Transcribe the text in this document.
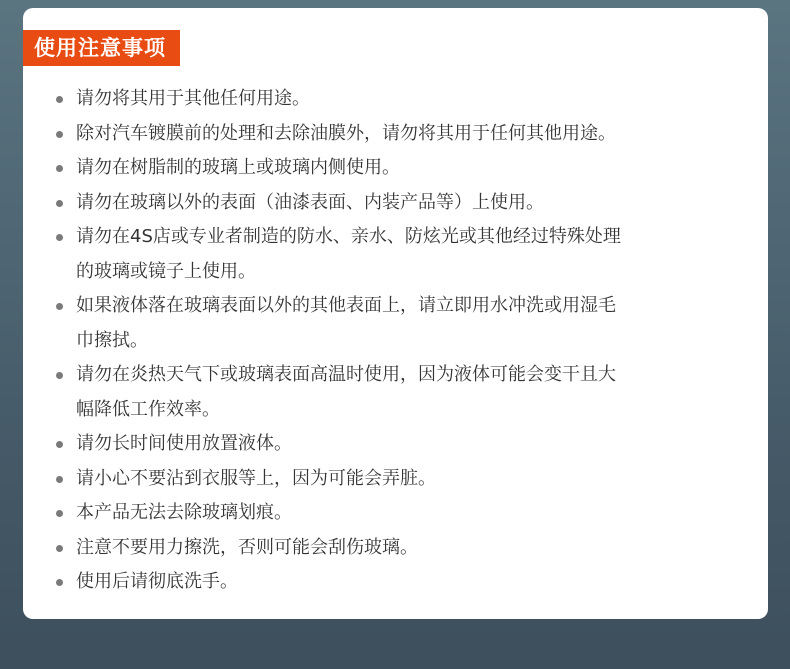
使用注意事项
请勿将其用于其他任何用途。
除对汽车镀膜前的处理和去除油膜外，请勿将其用于任何其他用途。
请勿在树脂制的玻璃上或玻璃内侧使用。
请勿在玻璃以外的表面（油漆表面、内装产品等）上使用。
请勿在4S店或专业者制造的防水、亲水、防炫光或其他经过特殊处理
的玻璃或镜子上使用。
如果液体落在玻璃表面以外的其他表面上，请立即用水冲洗或用湿毛
巾擦拭。
请勿在炎热天气下或玻璃表面高温时使用，因为液体可能会变干且大
幅降低工作效率。
请勿长时间使用放置液体。
请小心不要沾到衣服等上，因为可能会弄脏。
本产品无法去除玻璃划痕。
注意不要用力擦洗，否则可能会刮伤玻璃。
使用后请彻底洗手。
